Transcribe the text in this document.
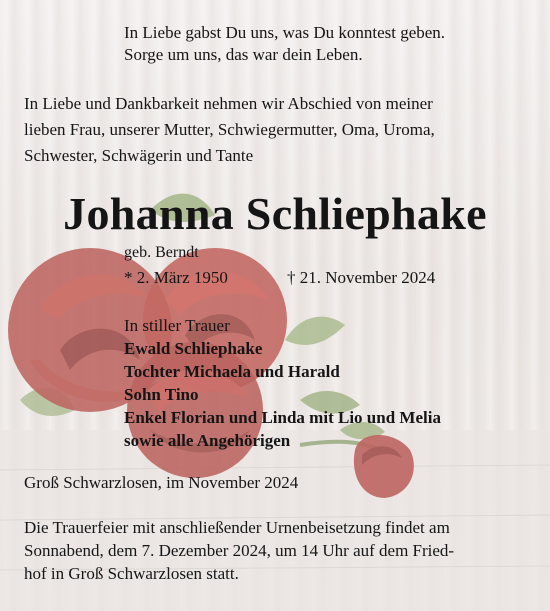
In Liebe gabst Du uns, was Du konntest geben.
Sorge um uns, das war dein Leben.
In Liebe und Dankbarkeit nehmen wir Abschied von meiner
lieben Frau, unserer Mutter, Schwiegermutter, Oma, Uroma,
Schwester, Schwägerin und Tante
Johanna Schliephake
geb. Berndt
* 2. März 1950	† 21. November 2024
In stiller Trauer
Ewald Schliephake
Tochter Michaela und Harald
Sohn Tino
Enkel Florian und Linda mit Lio und Melia
sowie alle Angehörigen
Groß Schwarzlosen, im November 2024
Die Trauerfeier mit anschließender Urnenbeisetzung findet am
Sonnabend, dem 7. Dezember 2024, um 14 Uhr auf dem Fried-
hof in Groß Schwarzlosen statt.
